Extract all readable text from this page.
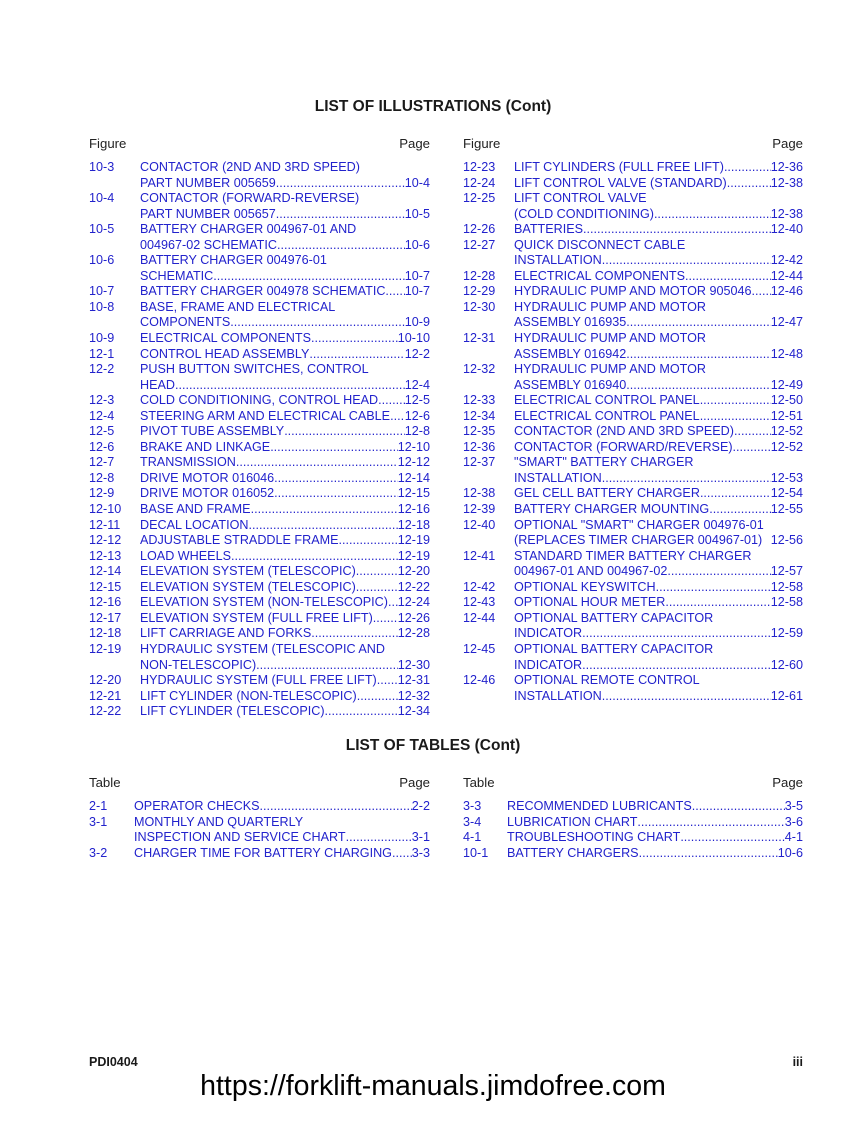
LIST OF ILLUSTRATIONS (Cont)
Figure	Page
10-3	CONTACTOR (2ND AND 3RD SPEED)
PART NUMBER 005659 .....	10-4
10-4	CONTACTOR (FORWARD-REVERSE)
PART NUMBER 005657 .....	10-5
10-5	BATTERY CHARGER 004967-01 AND
004967-02 SCHEMATIC .....	10-6
10-6	BATTERY CHARGER 004976-01
SCHEMATIC .....	10-7
10-7	BATTERY CHARGER 004978 SCHEMATIC ..... 10-7
10-8	BASE, FRAME AND ELECTRICAL
COMPONENTS .....	10-9
10-9	ELECTRICAL COMPONENTS .....	10-10
12-1	CONTROL HEAD ASSEMBLY .....	12-2
12-2	PUSH BUTTON SWITCHES, CONTROL
HEAD .....	12-4
12-3	COLD CONDITIONING, CONTROL HEAD ..... 12-5
12-4	STEERING ARM AND ELECTRICAL CABLE ..... 12-6
12-5	PIVOT TUBE ASSEMBLY .....	12-8
12-6	BRAKE AND LINKAGE .....	12-10
12-7	TRANSMISSION .....	12-12
12-8	DRIVE MOTOR 016046 .....	12-14
12-9	DRIVE MOTOR 016052 .....	12-15
12-10	BASE AND FRAME .....	12-16
12-11	DECAL LOCATION .....	12-18
12-12	ADJUSTABLE STRADDLE FRAME .....	12-19
12-13	LOAD WHEELS .....	12-19
12-14	ELEVATION SYSTEM (TELESCOPIC) .....	12-20
12-15	ELEVATION SYSTEM (TELESCOPIC) .....	12-22
12-16	ELEVATION SYSTEM (NON-TELESCOPIC) ..... 12-24
12-17	ELEVATION SYSTEM (FULL FREE LIFT) ..... 12-26
12-18	LIFT CARRIAGE AND FORKS .....	12-28
12-19	HYDRAULIC SYSTEM (TELESCOPIC AND
NON-TELESCOPIC) .....	12-30
12-20	HYDRAULIC SYSTEM (FULL FREE LIFT) ..... 12-31
12-21	LIFT CYLINDER (NON-TELESCOPIC) .....	12-32
12-22	LIFT CYLINDER (TELESCOPIC) .....	12-34
Figure	Page
12-23	LIFT CYLINDERS (FULL FREE LIFT) .....	12-36
12-24	LIFT CONTROL VALVE (STANDARD) .....	12-38
12-25	LIFT CONTROL VALVE
(COLD CONDITIONING) .....	12-38
12-26	BATTERIES .....	12-40
12-27	QUICK DISCONNECT CABLE
INSTALLATION .....	12-42
12-28	ELECTRICAL COMPONENTS .....	12-44
12-29	HYDRAULIC PUMP AND MOTOR 905046 ..... 12-46
12-30	HYDRAULIC PUMP AND MOTOR
ASSEMBLY 016935 .....	12-47
12-31	HYDRAULIC PUMP AND MOTOR
ASSEMBLY 016942 .....	12-48
12-32	HYDRAULIC PUMP AND MOTOR
ASSEMBLY 016940 .....	12-49
12-33	ELECTRICAL CONTROL PANEL .....	12-50
12-34	ELECTRICAL CONTROL PANEL .....	12-51
12-35	CONTACTOR (2ND AND 3RD SPEED) .....	12-52
12-36	CONTACTOR (FORWARD/REVERSE) .....	12-52
12-37	"SMART" BATTERY CHARGER
INSTALLATION .....	12-53
12-38	GEL CELL BATTERY CHARGER .....	12-54
12-39	BATTERY CHARGER MOUNTING .....	12-55
12-40	OPTIONAL "SMART" CHARGER 004976-01
(REPLACES TIMER CHARGER 004967-01) 12-56
12-41	STANDARD TIMER BATTERY CHARGER
004967-01 AND 004967-02 .....	12-57
12-42	OPTIONAL KEYSWITCH .....	12-58
12-43	OPTIONAL HOUR METER .....	12-58
12-44	OPTIONAL BATTERY CAPACITOR
INDICATOR .....	12-59
12-45	OPTIONAL BATTERY CAPACITOR
INDICATOR .....	12-60
12-46	OPTIONAL REMOTE CONTROL
INSTALLATION .....	12-61
LIST OF TABLES (Cont)
Table	Page
2-1	OPERATOR CHECKS .....	2-2
3-1	MONTHLY AND QUARTERLY
INSPECTION AND SERVICE CHART .....	3-1
3-2	CHARGER TIME FOR BATTERY CHARGING ..... 3-3
Table	Page
3-3	RECOMMENDED LUBRICANTS .....	3-5
3-4	LUBRICATION CHART .....	3-6
4-1	TROUBLESHOOTING CHART .....	4-1
10-1	BATTERY CHARGERS .....	10-6
PDI0404	iii
https://forklift-manuals.jimdofree.com
